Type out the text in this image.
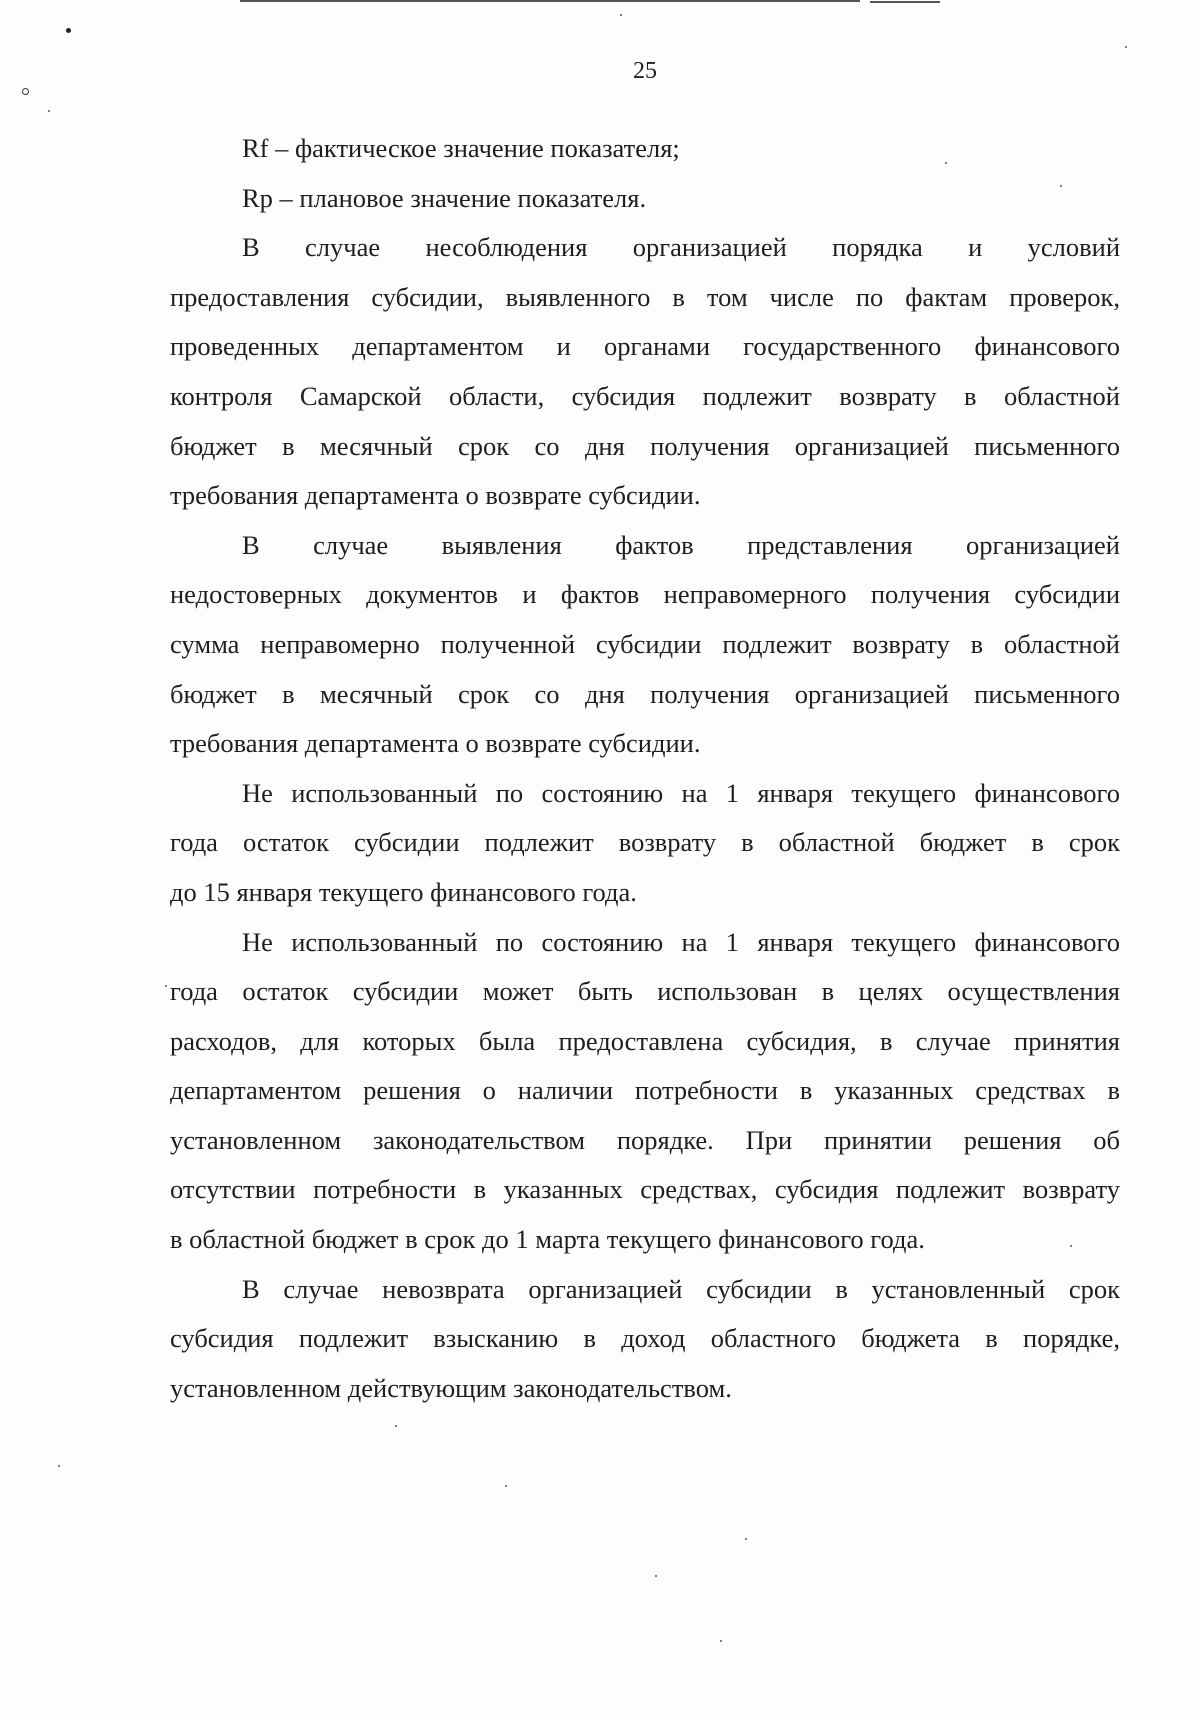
25
Rf – фактическое значение показателя;
Rp – плановое значение показателя.
В случае несоблюдения организацией порядка и условий
предоставления субсидии, выявленного в том числе по фактам проверок,
проведенных департаментом и органами государственного финансового
контроля Самарской области, субсидия подлежит возврату в областной
бюджет в месячный срок со дня получения организацией письменного
требования департамента о возврате субсидии.
В случае выявления фактов представления организацией
недостоверных документов и фактов неправомерного получения субсидии
сумма неправомерно полученной субсидии подлежит возврату в областной
бюджет в месячный срок со дня получения организацией письменного
требования департамента о возврате субсидии.
Не использованный по состоянию на 1 января текущего финансового
года остаток субсидии подлежит возврату в областной бюджет в срок
до 15 января текущего финансового года.
Не использованный по состоянию на 1 января текущего финансового
года остаток субсидии может быть использован в целях осуществления
расходов, для которых была предоставлена субсидия, в случае принятия
департаментом решения о наличии потребности в указанных средствах в
установленном законодательством порядке. При принятии решения об
отсутствии потребности в указанных средствах, субсидия подлежит возврату
в областной бюджет в срок до 1 марта текущего финансового года.
В случае невозврата организацией субсидии в установленный срок
субсидия подлежит взысканию в доход областного бюджета в порядке,
установленном действующим законодательством.
